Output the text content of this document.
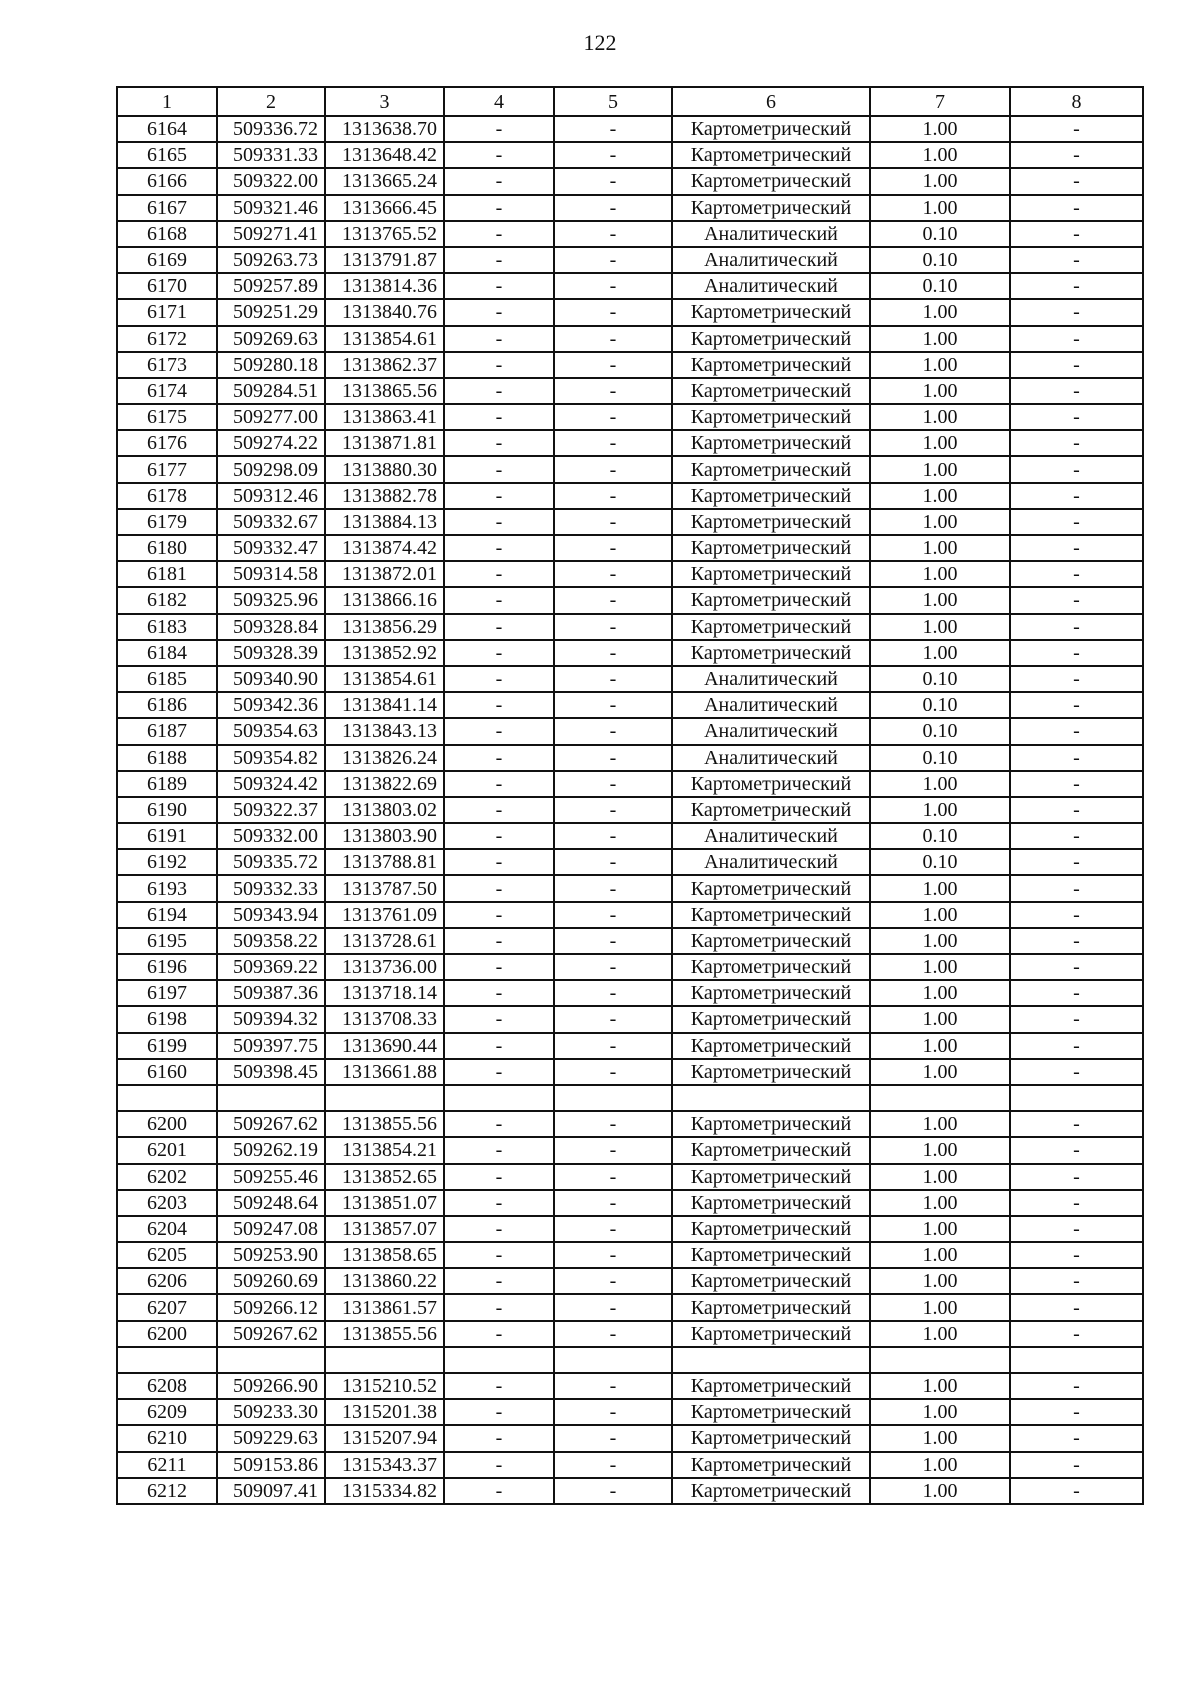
122
1	2	3	4	5	6	7	8
6164	509336.72	1313638.70	-	-	Картометрический	1.00	-
6165	509331.33	1313648.42	-	-	Картометрический	1.00	-
6166	509322.00	1313665.24	-	-	Картометрический	1.00	-
6167	509321.46	1313666.45	-	-	Картометрический	1.00	-
6168	509271.41	1313765.52	-	-	Аналитический	0.10	-
6169	509263.73	1313791.87	-	-	Аналитический	0.10	-
6170	509257.89	1313814.36	-	-	Аналитический	0.10	-
6171	509251.29	1313840.76	-	-	Картометрический	1.00	-
6172	509269.63	1313854.61	-	-	Картометрический	1.00	-
6173	509280.18	1313862.37	-	-	Картометрический	1.00	-
6174	509284.51	1313865.56	-	-	Картометрический	1.00	-
6175	509277.00	1313863.41	-	-	Картометрический	1.00	-
6176	509274.22	1313871.81	-	-	Картометрический	1.00	-
6177	509298.09	1313880.30	-	-	Картометрический	1.00	-
6178	509312.46	1313882.78	-	-	Картометрический	1.00	-
6179	509332.67	1313884.13	-	-	Картометрический	1.00	-
6180	509332.47	1313874.42	-	-	Картометрический	1.00	-
6181	509314.58	1313872.01	-	-	Картометрический	1.00	-
6182	509325.96	1313866.16	-	-	Картометрический	1.00	-
6183	509328.84	1313856.29	-	-	Картометрический	1.00	-
6184	509328.39	1313852.92	-	-	Картометрический	1.00	-
6185	509340.90	1313854.61	-	-	Аналитический	0.10	-
6186	509342.36	1313841.14	-	-	Аналитический	0.10	-
6187	509354.63	1313843.13	-	-	Аналитический	0.10	-
6188	509354.82	1313826.24	-	-	Аналитический	0.10	-
6189	509324.42	1313822.69	-	-	Картометрический	1.00	-
6190	509322.37	1313803.02	-	-	Картометрический	1.00	-
6191	509332.00	1313803.90	-	-	Аналитический	0.10	-
6192	509335.72	1313788.81	-	-	Аналитический	0.10	-
6193	509332.33	1313787.50	-	-	Картометрический	1.00	-
6194	509343.94	1313761.09	-	-	Картометрический	1.00	-
6195	509358.22	1313728.61	-	-	Картометрический	1.00	-
6196	509369.22	1313736.00	-	-	Картометрический	1.00	-
6197	509387.36	1313718.14	-	-	Картометрический	1.00	-
6198	509394.32	1313708.33	-	-	Картометрический	1.00	-
6199	509397.75	1313690.44	-	-	Картометрический	1.00	-
6160	509398.45	1313661.88	-	-	Картометрический	1.00	-

6200	509267.62	1313855.56	-	-	Картометрический	1.00	-
6201	509262.19	1313854.21	-	-	Картометрический	1.00	-
6202	509255.46	1313852.65	-	-	Картометрический	1.00	-
6203	509248.64	1313851.07	-	-	Картометрический	1.00	-
6204	509247.08	1313857.07	-	-	Картометрический	1.00	-
6205	509253.90	1313858.65	-	-	Картометрический	1.00	-
6206	509260.69	1313860.22	-	-	Картометрический	1.00	-
6207	509266.12	1313861.57	-	-	Картометрический	1.00	-
6200	509267.62	1313855.56	-	-	Картометрический	1.00	-

6208	509266.90	1315210.52	-	-	Картометрический	1.00	-
6209	509233.30	1315201.38	-	-	Картометрический	1.00	-
6210	509229.63	1315207.94	-	-	Картометрический	1.00	-
6211	509153.86	1315343.37	-	-	Картометрический	1.00	-
6212	509097.41	1315334.82	-	-	Картометрический	1.00	-
